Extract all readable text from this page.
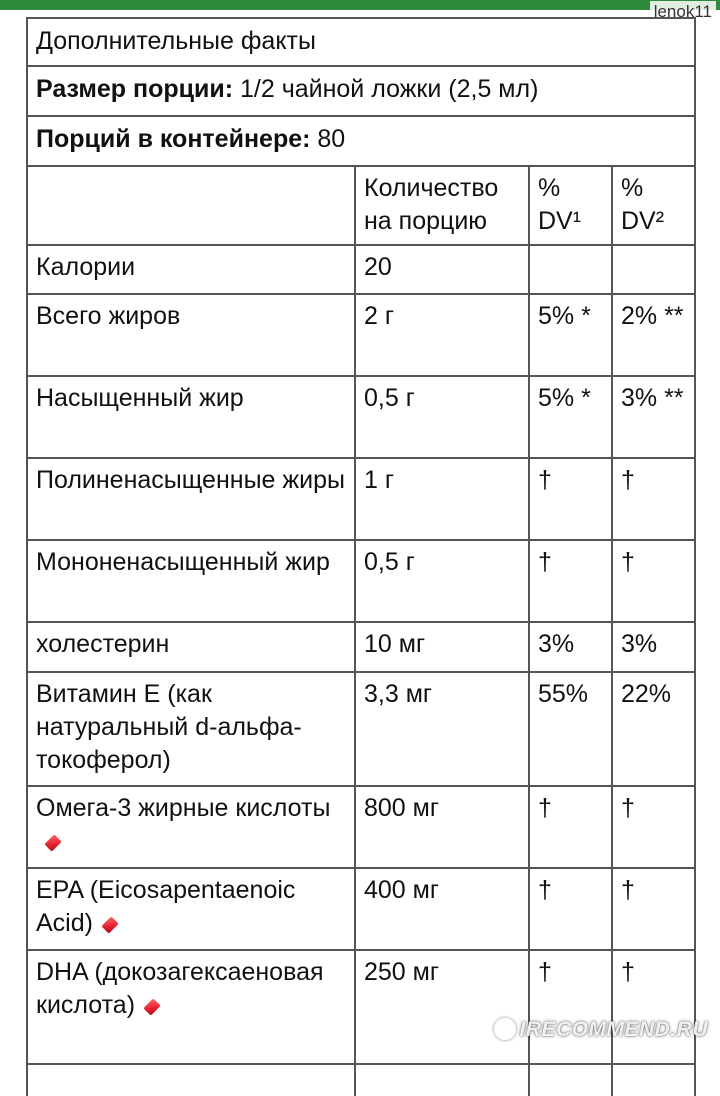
lenok11
Дополнительные факты			
Размер порции: 1/2 чайной ложки (2,5 мл)			
Порций в контейнере: 80			
	Количество на порцию	% DV¹	% DV²
Калории	20		
Всего жиров	2 г	5% *	2% **
Насыщенный жир	0,5 г	5% *	3% **
Полиненасыщенные жиры	1 г	†	†
Мононенасыщенный жир	0,5 г	†	†
холестерин	10 мг	3%	3%
Витамин Е (как натуральный d-альфа-токоферол)	3,3 мг	55%	22%
Омега-3 жирные кислоты	800 мг	†	†
EPA (Eicosapentaenoic Acid)	400 мг	†	†
DHA (докозагексаеновая кислота)	250 мг	†	†

IRECOMMEND.RU
